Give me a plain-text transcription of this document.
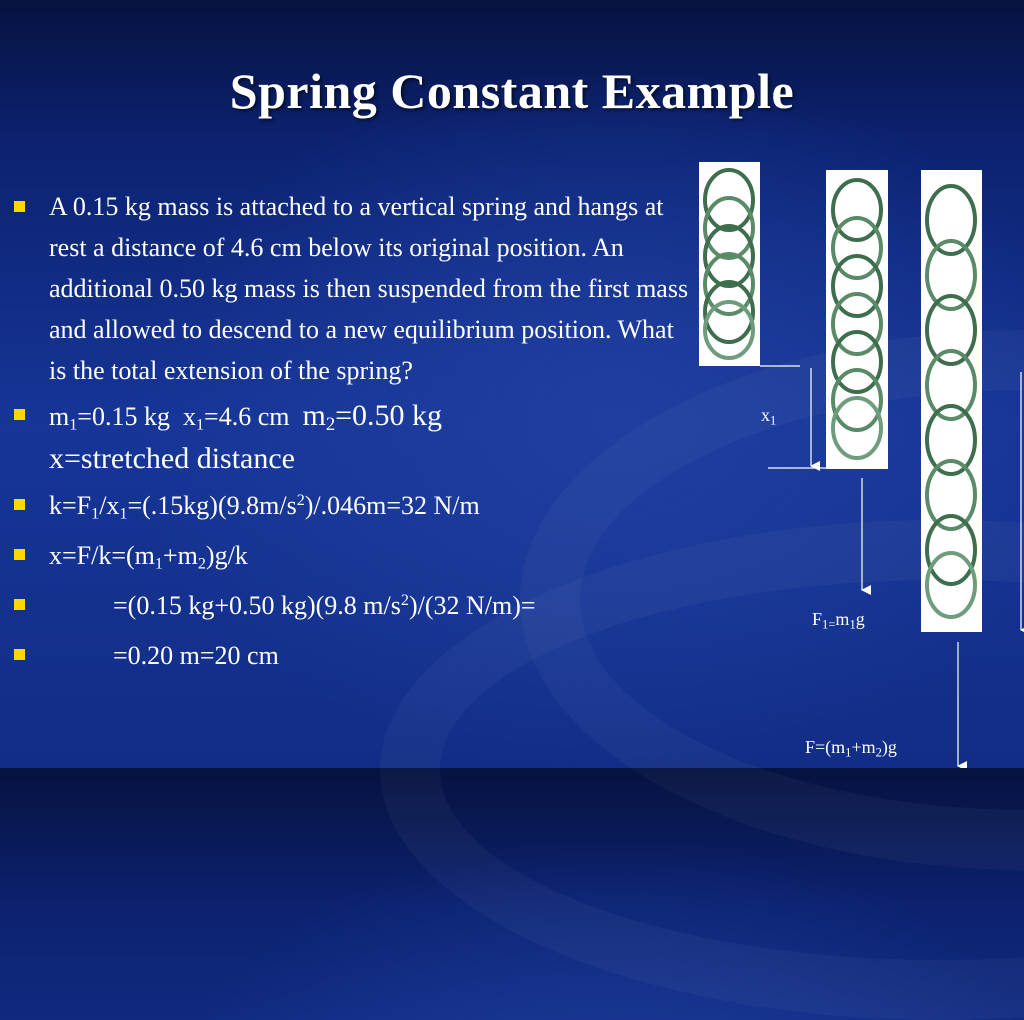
Spring Constant Example
A 0.15 kg mass is attached to a vertical spring and hangs at rest a distance of 4.6 cm below its original position. An additional 0.50 kg mass is then suspended from the first mass and allowed to descend to a new equilibrium position. What is the total extension of the spring?
$m_1=0.15$ kg $x_1=4.6$ cm $m_2=0.50$ kg
x=stretched distance
$k=F_1/x_1=(.15kg)(9.8m/s^2)/.046m=32$ N/m
$x=F/k=(m_1+m_2)g/k$
=(0.15 kg+0.50 kg)(9.8 $m/s^2)/(32$ N/m)=
=0.20 m=20 cm
$x_1$
$F_{1=}m_1g$
$F=(m_1+m_2)g$
